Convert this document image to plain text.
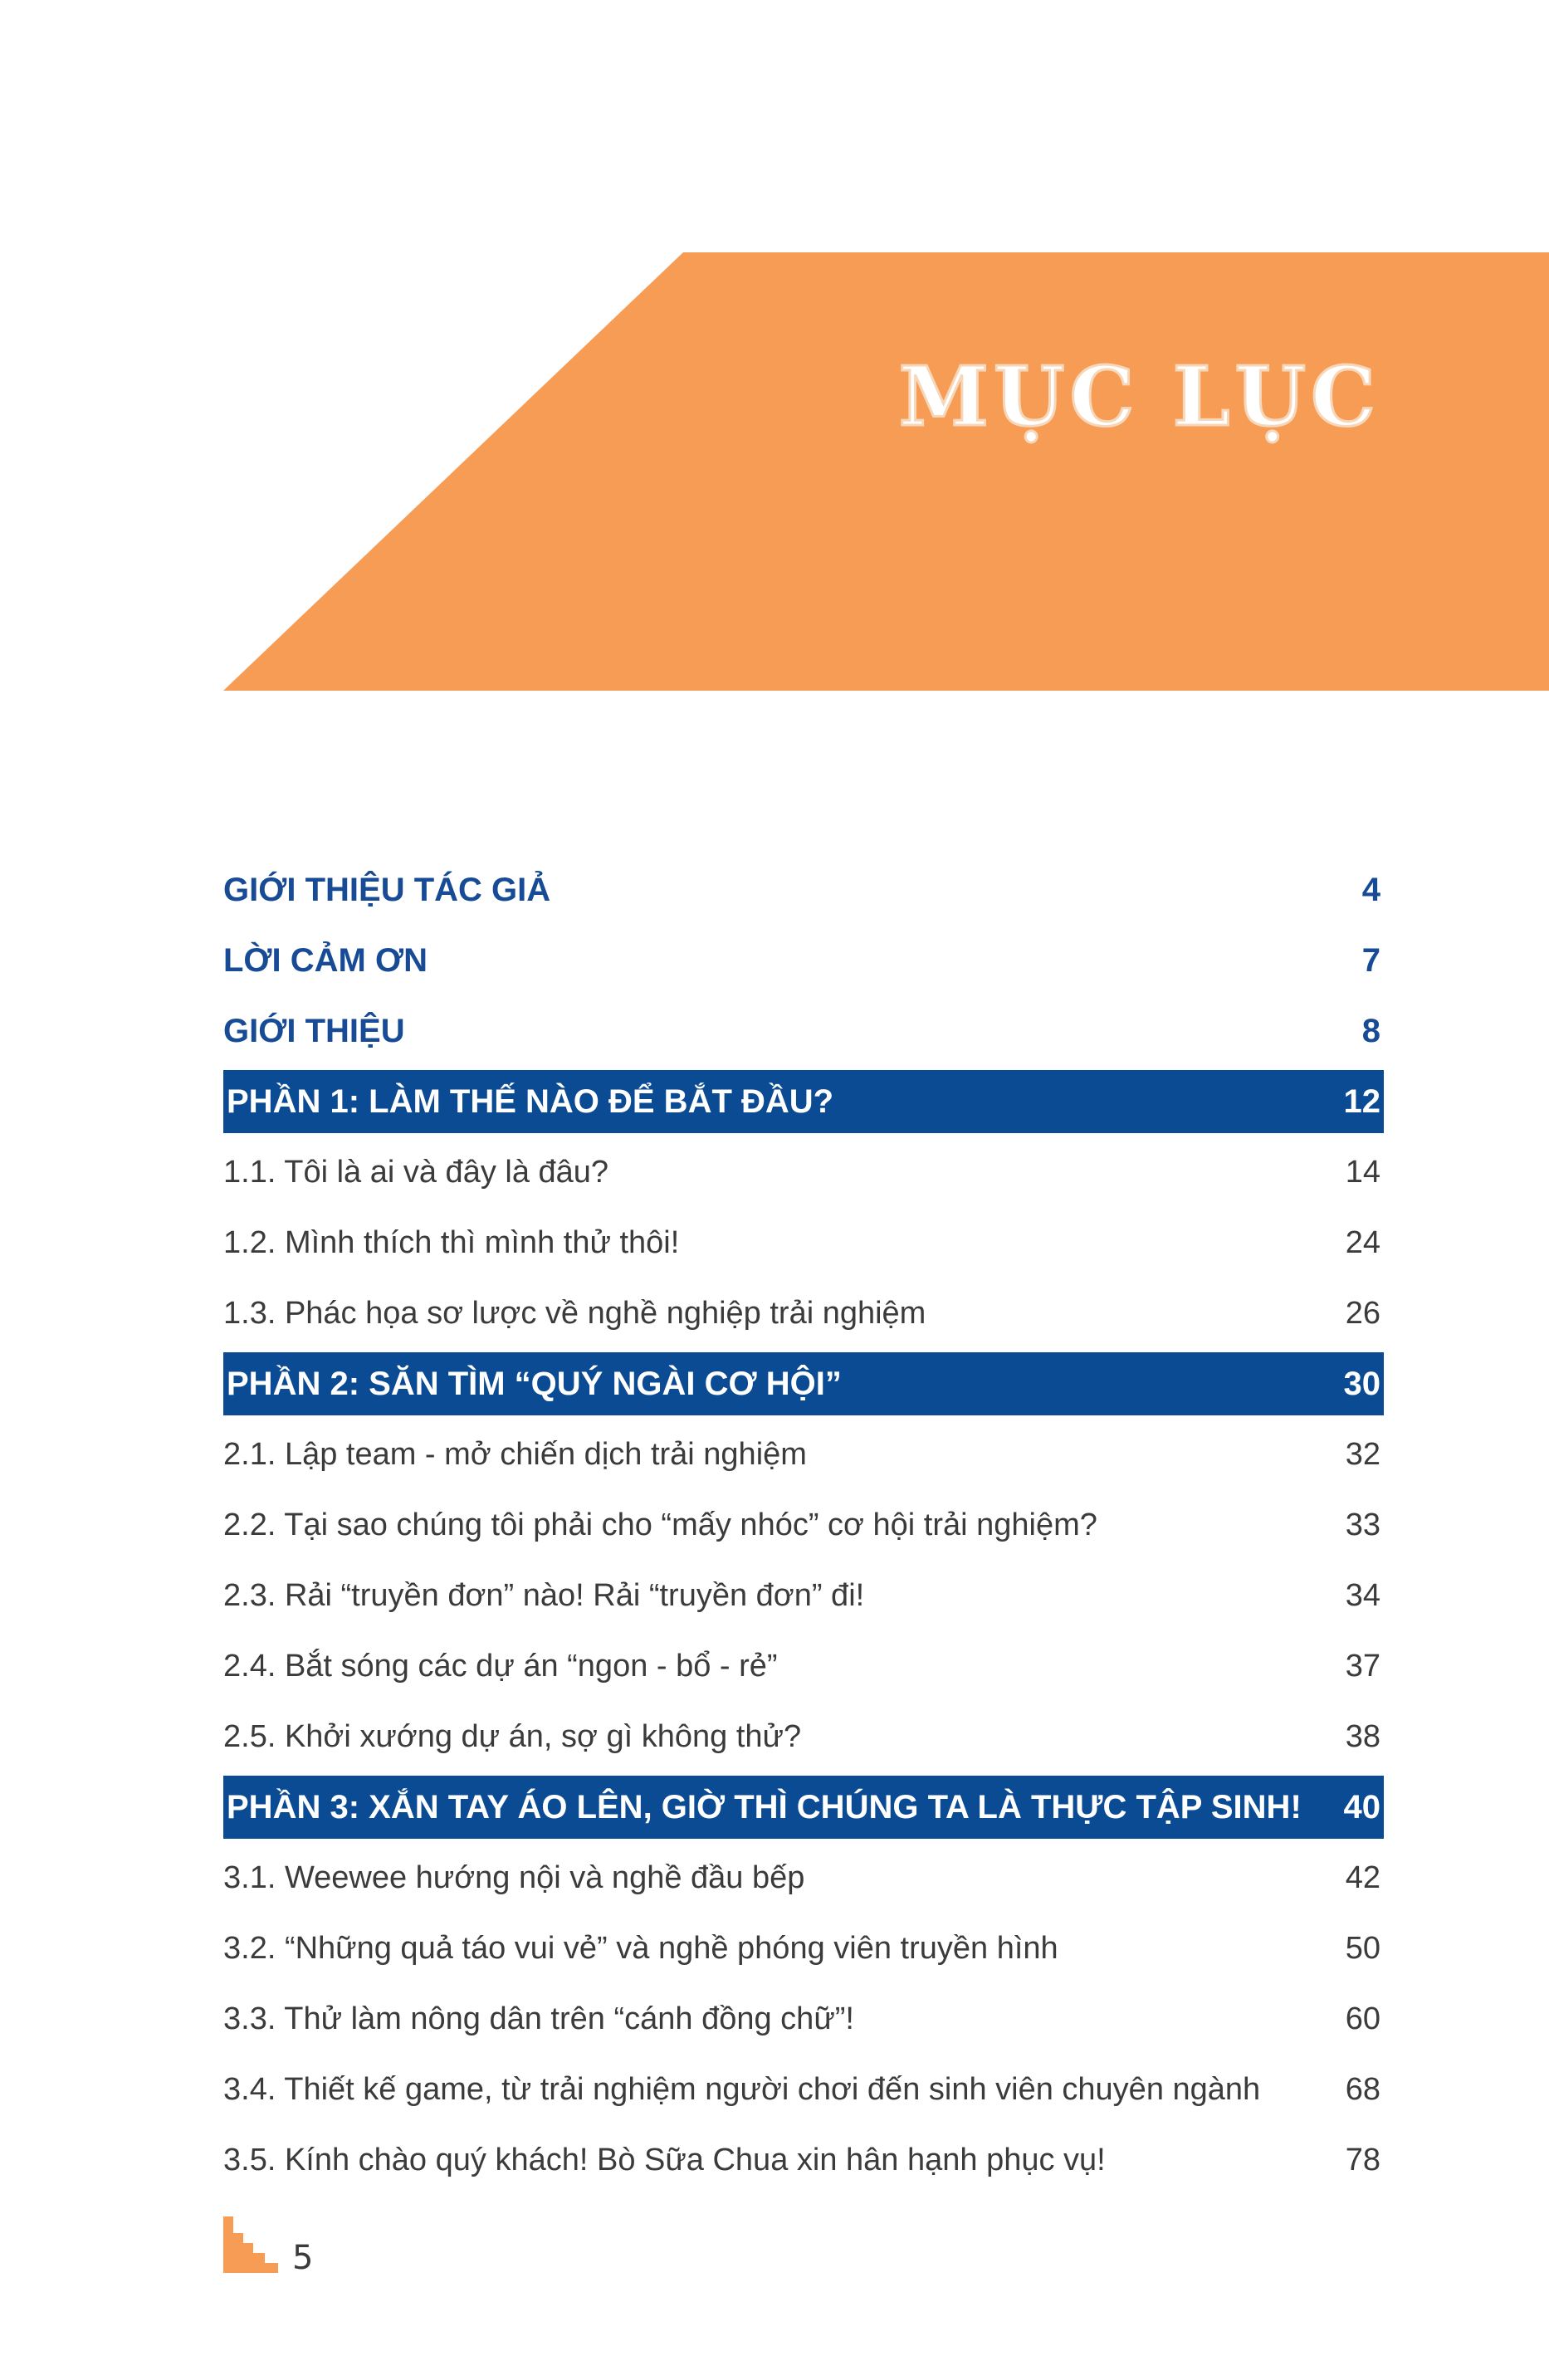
MỤC LỤC
GIỚI THIỆU TÁC GIẢ	4
LỜI CẢM ƠN	7
GIỚI THIỆU	8
PHẦN 1: LÀM THẾ NÀO ĐỂ BẮT ĐẦU?	12
1.1. Tôi là ai và đây là đâu?	14
1.2. Mình thích thì mình thử thôi!	24
1.3. Phác họa sơ lược về nghề nghiệp trải nghiệm	26
PHẦN 2: SĂN TÌM “QUÝ NGÀI CƠ HỘI”	30
2.1. Lập team - mở chiến dịch trải nghiệm	32
2.2. Tại sao chúng tôi phải cho “mấy nhóc” cơ hội trải nghiệm?	33
2.3. Rải “truyền đơn” nào! Rải “truyền đơn” đi!	34
2.4. Bắt sóng các dự án “ngon - bổ - rẻ”	37
2.5. Khởi xướng dự án, sợ gì không thử?	38
PHẦN 3: XẮN TAY ÁO LÊN, GIỜ THÌ CHÚNG TA LÀ THỰC TẬP SINH! 40
3.1. Weewee hướng nội và nghề đầu bếp	42
3.2. “Những quả táo vui vẻ” và nghề phóng viên truyền hình	50
3.3. Thử làm nông dân trên “cánh đồng chữ”!	60
3.4. Thiết kế game, từ trải nghiệm người chơi đến sinh viên chuyên ngành	68
3.5. Kính chào quý khách! Bò Sữa Chua xin hân hạnh phục vụ!	78
5
